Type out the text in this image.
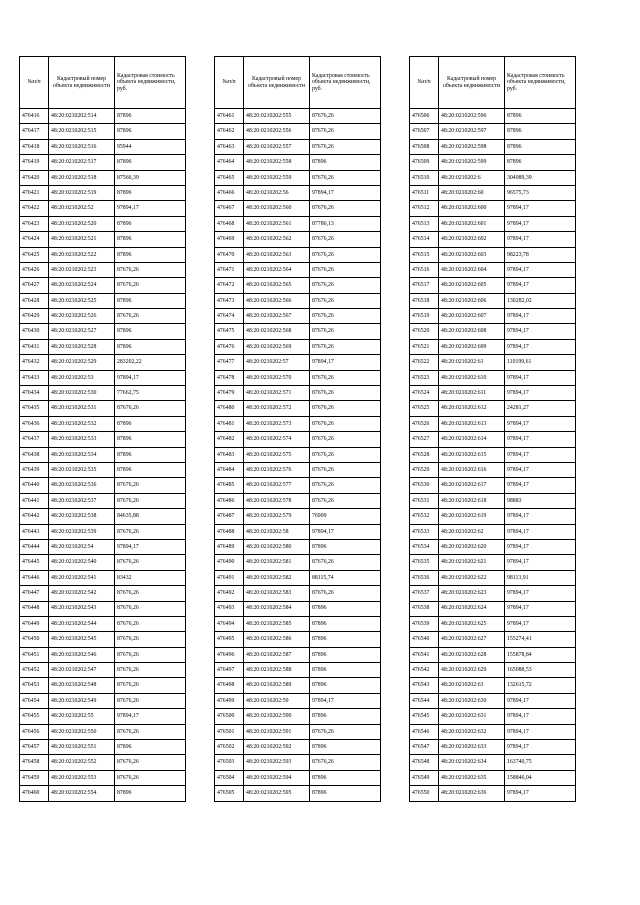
№п/п	Кадастровый номер объекта недвижимости	Кадастровая стоимость объекта недвижимости, руб.
476416	48:20:0210202:514	87896
476417	48:20:0210202:515	87896
476418	48:20:0210202:516	95944
476419	48:20:0210202:517	87896
476420	48:20:0210202:518	87566,39
476421	48:20:0210202:519	87896
476422	48:20:0210202:52	97894,17
476423	48:20:0210202:520	87896
476424	48:20:0210202:521	87896
476425	48:20:0210202:522	87896
476426	48:20:0210202:523	87676,26
476427	48:20:0210202:524	87676,26
476428	48:20:0210202:525	87896
476429	48:20:0210202:526	87676,26
476430	48:20:0210202:527	87896
476431	48:20:0210202:528	87896
476432	48:20:0210202:529	283202,22
476433	48:20:0210202:53	97894,17
476434	48:20:0210202:530	77662,75
476435	48:20:0210202:531	87676,26
476436	48:20:0210202:532	87896
476437	48:20:0210202:533	87896
476438	48:20:0210202:534	87896
476439	48:20:0210202:535	87896
476440	48:20:0210202:536	87676,26
476441	48:20:0210202:537	87676,26
476442	48:20:0210202:538	84635,88
476443	48:20:0210202:539	87676,26
476444	48:20:0210202:54	97894,17
476445	48:20:0210202:540	87676,26
476446	48:20:0210202:541	83432
476447	48:20:0210202:542	87676,26
476448	48:20:0210202:543	87676,26
476449	48:20:0210202:544	87676,26
476450	48:20:0210202:545	87676,26
476451	48:20:0210202:546	87676,26
476452	48:20:0210202:547	87676,26
476453	48:20:0210202:548	87676,26
476454	48:20:0210202:549	87676,26
476455	48:20:0210202:55	97894,17
476456	48:20:0210202:550	87676,26
476457	48:20:0210202:551	87896
476458	48:20:0210202:552	87676,26
476459	48:20:0210202:553	87676,26
476460	48:20:0210202:554	87896
№п/п	Кадастровый номер объекта недвижимости	Кадастровая стоимость объекта недвижимости, руб.
476461	48:20:0210202:555	87676,26
476462	48:20:0210202:556	87676,26
476463	48:20:0210202:557	87676,26
476464	48:20:0210202:558	87896
476465	48:20:0210202:559	87676,26
476466	48:20:0210202:56	97894,17
476467	48:20:0210202:560	87676,26
476468	48:20:0210202:561	87786,13
476469	48:20:0210202:562	87676,26
476470	48:20:0210202:563	87676,26
476471	48:20:0210202:564	87676,26
476472	48:20:0210202:565	87676,26
476473	48:20:0210202:566	87676,26
476474	48:20:0210202:567	87676,26
476475	48:20:0210202:568	87676,26
476476	48:20:0210202:569	87676,26
476477	48:20:0210202:57	97894,17
476478	48:20:0210202:570	87676,26
476479	48:20:0210202:571	87676,26
476480	48:20:0210202:572	87676,26
476481	48:20:0210202:573	87676,26
476482	48:20:0210202:574	87676,26
476483	48:20:0210202:575	87676,26
476484	48:20:0210202:576	87676,26
476485	48:20:0210202:577	87676,26
476486	48:20:0210202:578	87676,26
476487	48:20:0210202:579	76909
476488	48:20:0210202:58	97894,17
476489	48:20:0210202:580	87896
476490	48:20:0210202:581	87676,26
476491	48:20:0210202:582	88115,74
476492	48:20:0210202:583	87676,26
476493	48:20:0210202:584	87896
476494	48:20:0210202:585	87896
476495	48:20:0210202:586	87896
476496	48:20:0210202:587	87896
476497	48:20:0210202:588	87896
476498	48:20:0210202:589	87896
476499	48:20:0210202:59	97894,17
476500	48:20:0210202:590	87896
476501	48:20:0210202:591	87676,26
476502	48:20:0210202:592	87896
476503	48:20:0210202:593	87676,26
476504	48:20:0210202:594	87896
476505	48:20:0210202:595	87896
№п/п	Кадастровый номер объекта недвижимости	Кадастровая стоимость объекта недвижимости, руб.
476506	48:20:0210202:596	87896
476507	48:20:0210202:597	87896
476508	48:20:0210202:598	87896
476509	48:20:0210202:599	87896
476510	48:20:0210202:6	304089,39
476511	48:20:0210202:60	96575,73
476512	48:20:0210202:600	97894,17
476513	48:20:0210202:601	97894,17
476514	48:20:0210202:602	97894,17
476515	48:20:0210202:603	98223,78
476516	48:20:0210202:604	97894,17
476517	48:20:0210202:605	97894,17
476518	48:20:0210202:606	130282,02
476519	48:20:0210202:607	97894,17
476520	48:20:0210202:608	97894,17
476521	48:20:0210202:609	97894,17
476522	48:20:0210202:61	110199,61
476523	48:20:0210202:610	97894,17
476524	48:20:0210202:611	97894,17
476525	48:20:0210202:612	24281,27
476526	48:20:0210202:613	97894,17
476527	48:20:0210202:614	97894,17
476528	48:20:0210202:615	97894,17
476529	48:20:0210202:616	97894,17
476530	48:20:0210202:617	97894,17
476531	48:20:0210202:618	98883
476532	48:20:0210202:619	97894,17
476533	48:20:0210202:62	97894,17
476534	48:20:0210202:620	97894,17
476535	48:20:0210202:621	97894,17
476536	48:20:0210202:622	98113,91
476537	48:20:0210202:623	97894,17
476538	48:20:0210202:624	97894,17
476539	48:20:0210202:625	97894,17
476540	48:20:0210202:627	155274,41
476541	48:20:0210202:628	155878,84
476542	48:20:0210202:629	165088,53
476543	48:20:0210202:63	132615,72
476544	48:20:0210202:630	97894,17
476545	48:20:0210202:631	97894,17
476546	48:20:0210202:632	97894,17
476547	48:20:0210202:633	97894,17
476548	48:20:0210202:634	163740,75
476549	48:20:0210202:635	158846,04
476550	48:20:0210202:636	97894,17
